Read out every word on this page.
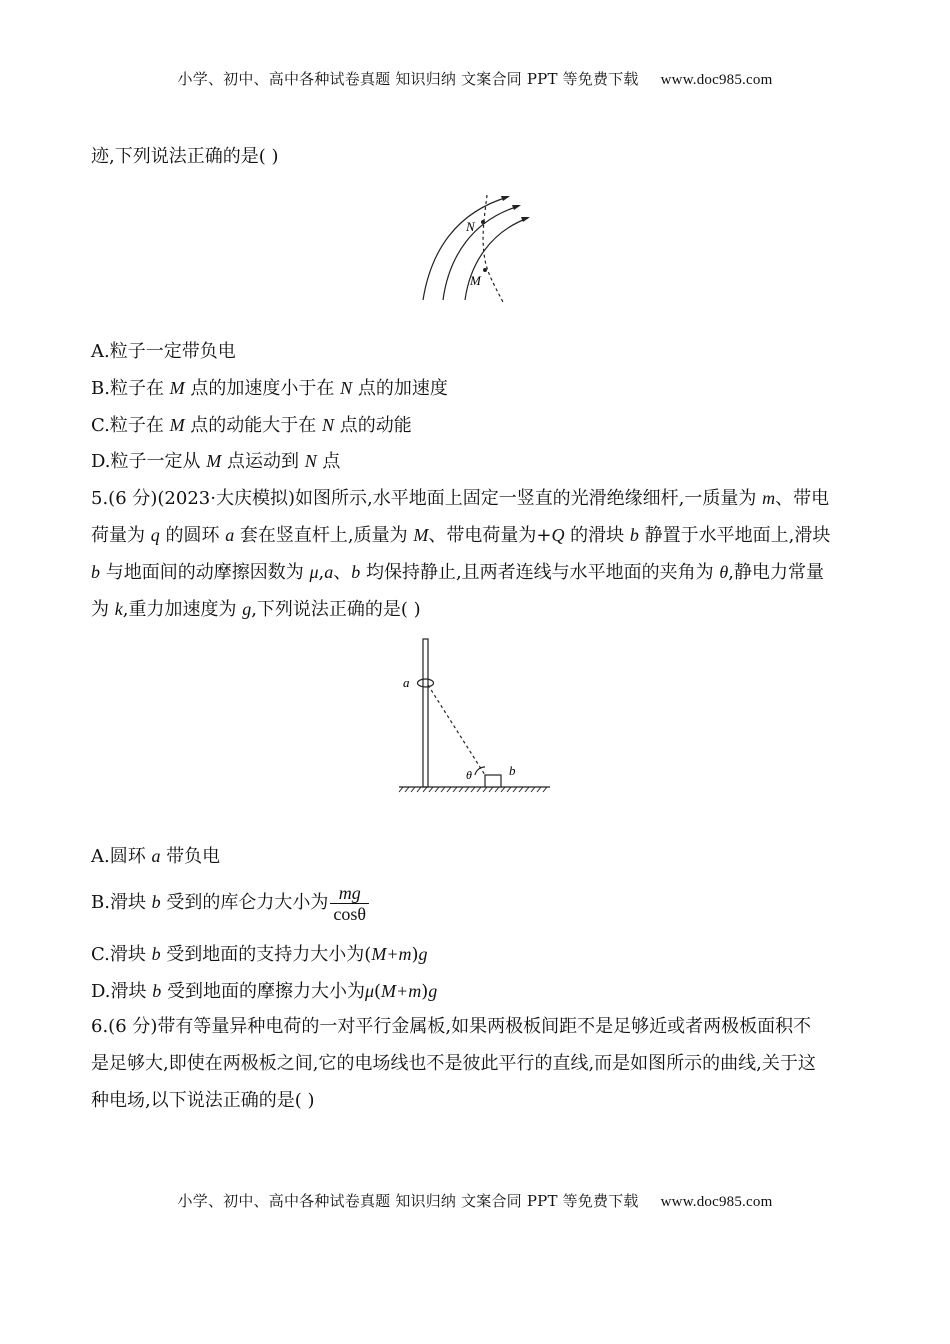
小学、初中、高中各种试卷真题 知识归纳 文案合同 PPT 等免费下载 www.doc985.com
迹,下列说法正确的是( )
N
M
A.粒子一定带负电
B.粒子在 M 点的加速度小于在 N 点的加速度
C.粒子在 M 点的动能大于在 N 点的动能
D.粒子一定从 M 点运动到 N 点
5.(6 分)(2023·大庆模拟)如图所示,水平地面上固定一竖直的光滑绝缘细杆,一质量为 m、带电
荷量为 q 的圆环 a 套在竖直杆上,质量为 M、带电荷量为+Q 的滑块 b 静置于水平地面上,滑块
b 与地面间的动摩擦因数为 μ,a、b 均保持静止,且两者连线与水平地面的夹角为 θ,静电力常量
为 k,重力加速度为 g,下列说法正确的是( )
a
b
θ
A.圆环 a 带负电
B.滑块 b 受到的库仑力大小为 $\frac{mg}{\cos\theta}$
C.滑块 b 受到地面的支持力大小为(M+m)g
D.滑块 b 受到地面的摩擦力大小为μ(M+m)g
6.(6 分)带有等量异种电荷的一对平行金属板,如果两极板间距不是足够近或者两极板面积不
是足够大,即使在两极板之间,它的电场线也不是彼此平行的直线,而是如图所示的曲线,关于这
种电场,以下说法正确的是( )
小学、初中、高中各种试卷真题 知识归纳 文案合同 PPT 等免费下载 www.doc985.com
